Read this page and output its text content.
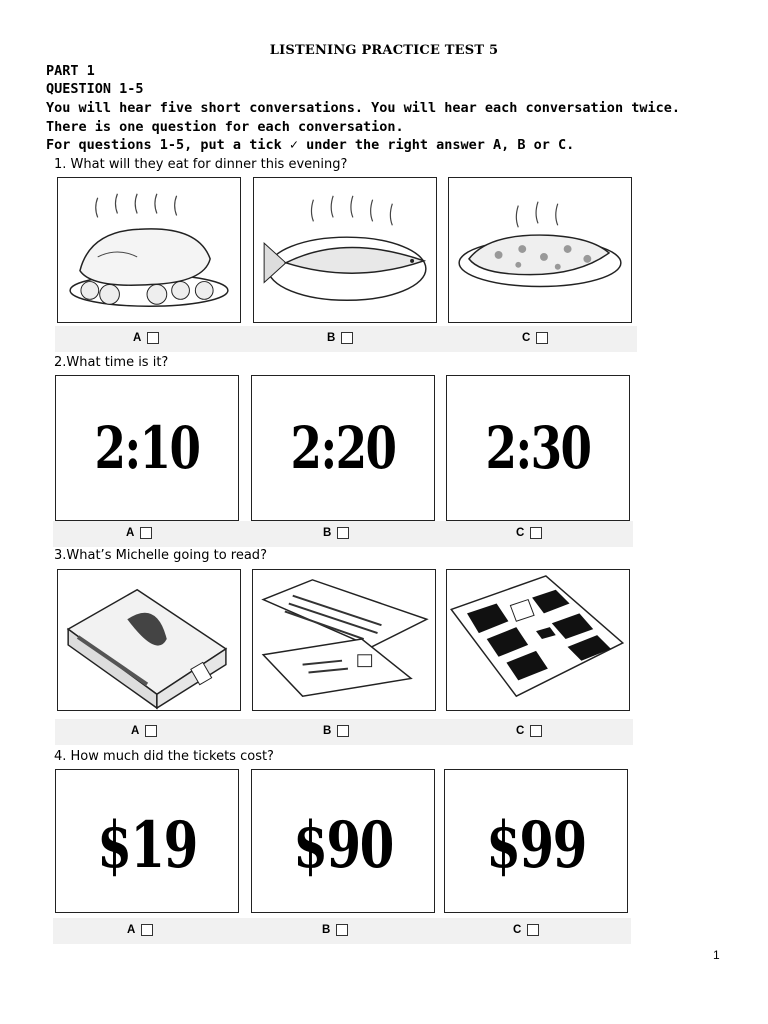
LISTENING PRACTICE TEST 5
PART 1
QUESTION 1-5
You will hear five short conversations. You will hear each conversation twice.
There is one question for each conversation.
For questions 1-5, put a tick ✓ under the right answer A, B or C.
1. What will they eat for dinner this evening?
A	B	C
2.What time is it?
2:10	2:20	2:30
A	B	C
3.What’s Michelle going to read?
A	B	C
4. How much did the tickets cost?
$19	$90	$99
A	B	C
1
